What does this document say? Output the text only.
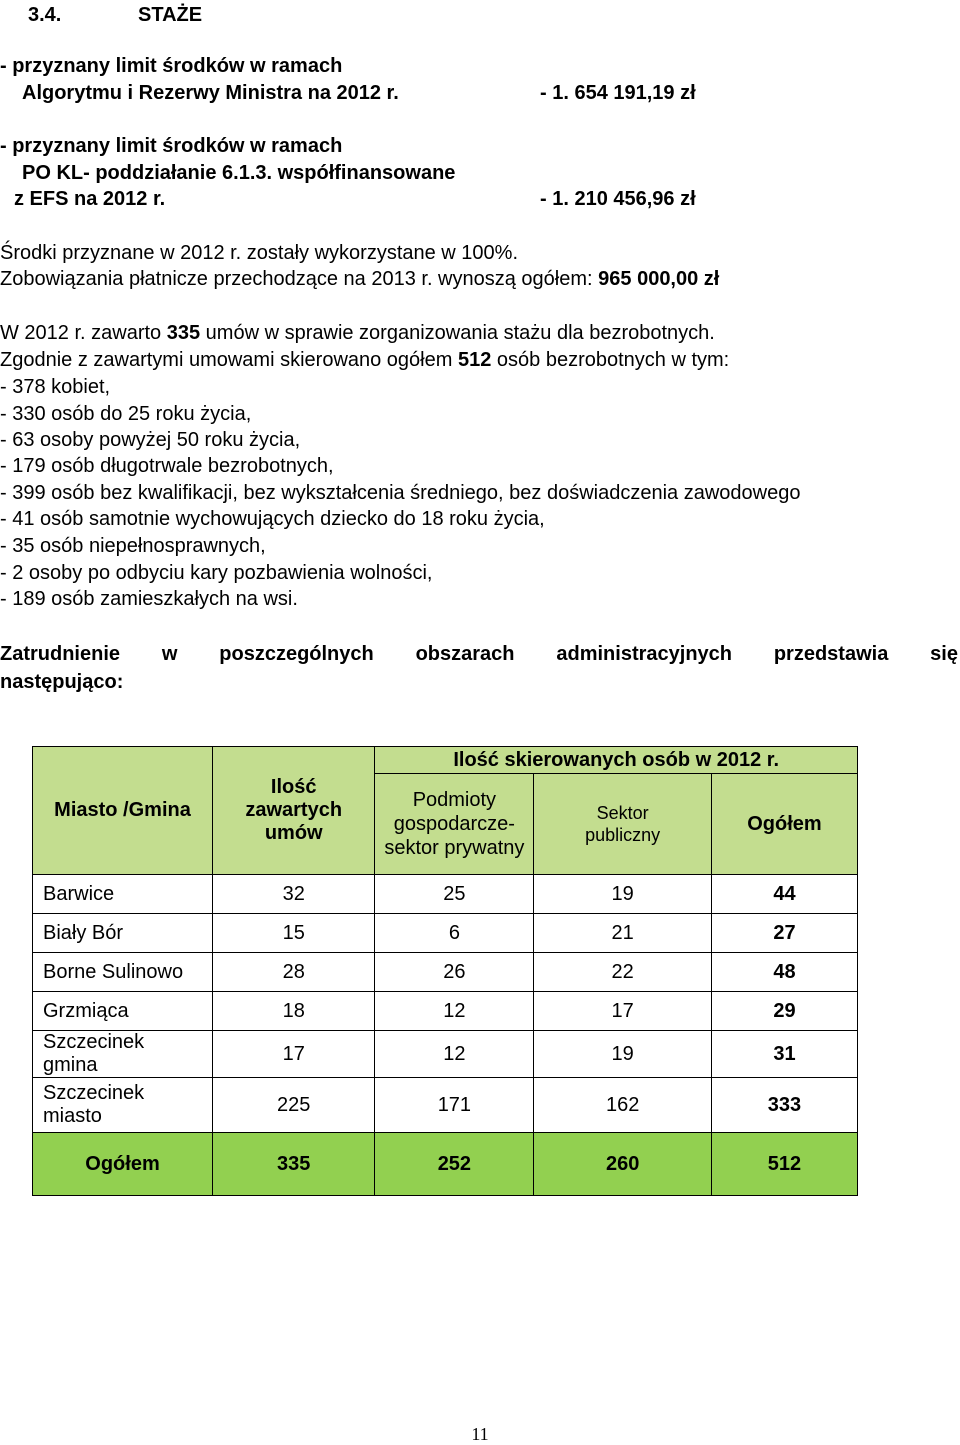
3.4.	STAŻE
- przyznany limit środków w ramach
Algorytmu i Rezerwy Ministra na 2012 r.	- 1. 654 191,19 zł
- przyznany limit środków w ramach
PO KL- poddziałanie 6.1.3. współfinansowane
z EFS na 2012 r.	- 1. 210 456,96 zł
Środki przyznane w 2012 r. zostały wykorzystane w 100%.
Zobowiązania płatnicze przechodzące na 2013 r. wynoszą ogółem: 965 000,00 zł
W 2012 r. zawarto 335 umów w sprawie zorganizowania stażu dla bezrobotnych.
Zgodnie z zawartymi umowami skierowano ogółem 512 osób bezrobotnych w tym:
- 378 kobiet,
- 330 osób do 25 roku życia,
- 63 osoby powyżej 50 roku życia,
- 179 osób długotrwale bezrobotnych,
- 399 osób bez kwalifikacji, bez wykształcenia średniego, bez doświadczenia zawodowego
- 41 osób samotnie wychowujących dziecko do 18 roku życia,
- 35 osób niepełnosprawnych,
- 2 osoby po odbyciu kary pozbawienia wolności,
- 189 osób zamieszkałych na wsi.
Zatrudnienie w poszczególnych obszarach administracyjnych przedstawia się
następująco:
Miasto /Gmina	Ilość zawartych umów	Ilość skierowanych osób w 2012 r.		
		Podmioty gospodarcze-sektor prywatny	Sektor publiczny	Ogółem
Barwice	32	25	19	44
Biały Bór	15	6	21	27
Borne Sulinowo	28	26	22	48
Grzmiąca	18	12	17	29
Szczecinek gmina	17	12	19	31
Szczecinek miasto	225	171	162	333
Ogółem	335	252	260	512
11
